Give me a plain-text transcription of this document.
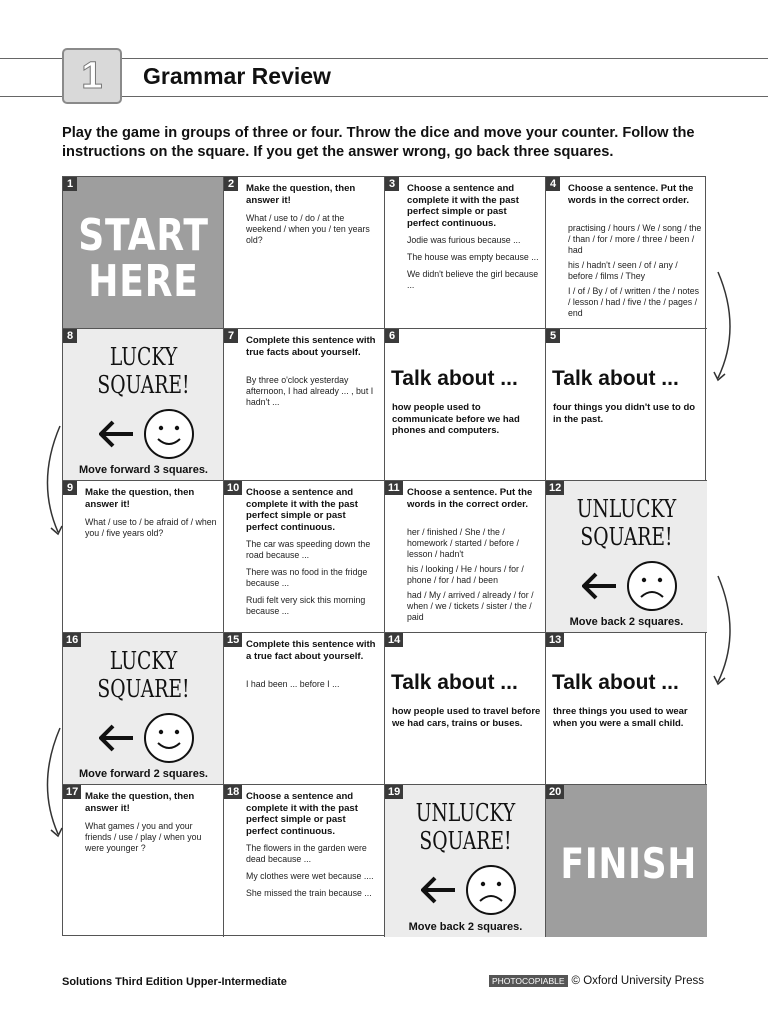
1 Grammar Review
Play the game in groups of three or four. Throw the dice and move your counter. Follow the instructions on the square. If you get the answer wrong, go back three squares.
1
START
HERE
2	Make the question, then answer it!
What / use to / do / at the weekend / when you / ten years old?
3	Choose a sentence and complete it with the past perfect simple or past perfect continuous.
Jodie was furious because ...
The house was empty because ...
We didn't believe the girl because ...
4	Choose a sentence. Put the words in the correct order.
practising / hours / We / song / the / than / for / more / three / been / had
his / hadn't / seen / of / any / before / films / They
I / of / By / of / written / the / notes / lesson / had / five / the / pages / end
8
LUCKY
SQUARE!
Move forward 3 squares.
7	Complete this sentence with true facts about yourself.
By three o'clock yesterday afternoon, I had already ... , but I hadn't ...
6
Talk about ...
how people used to communicate before we had phones and computers.
5
Talk about ...
four things you didn't use to do in the past.
9	Make the question, then answer it!
What / use to / be afraid of / when you / five years old?
10 Choose a sentence and complete it with the past perfect simple or past perfect continuous.
The car was speeding down the road because ...
There was no food in the fridge because ...
Rudi felt very sick this morning because ...
11 Choose a sentence. Put the words in the correct order.
her / finished / She / the / homework / started / before / lesson / hadn't
his / looking / He / hours / for / phone / for / had / been
had / My / arrived / already / for / when / we / tickets / sister / the / paid
12
UNLUCKY
SQUARE!
Move back 2 squares.
16
LUCKY
SQUARE!
Move forward 2 squares.
15 Complete this sentence with a true fact about yourself.
I had been ... before I ...
14
Talk about ...
how people used to travel before we had cars, trains or buses.
13
Talk about ...
three things you used to wear when you were a small child.
17 Make the question, then answer it!
What games / you and your friends / use / play / when you were younger ?
18 Choose a sentence and complete it with the past perfect simple or past perfect continuous.
The flowers in the garden were dead because ...
My clothes were wet because ....
She missed the train because ...
19
UNLUCKY
SQUARE!
Move back 2 squares.
20
FINISH
Solutions Third Edition Upper-Intermediate	PHOTOCOPIABLE © Oxford University Press
